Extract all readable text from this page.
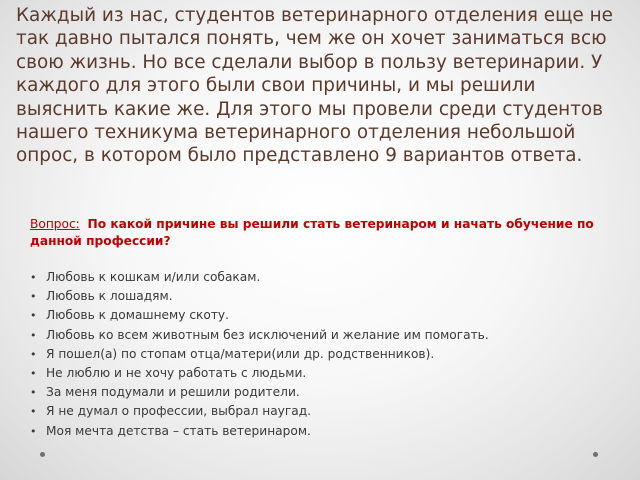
Каждый из нас, студентов ветеринарного отделения еще не так давно пытался понять, чем же он хочет заниматься всю свою жизнь. Но все сделали выбор в пользу ветеринарии. У каждого для этого были свои причины, и мы решили выяснить какие же. Для этого мы провели среди студентов нашего техникума ветеринарного отделения небольшой опрос, в котором было представлено 9 вариантов ответа.

Вопрос: По какой причине вы решили стать ветеринаром и начать обучение по данной профессии?

• Любовь к кошкам и/или собакам.
• Любовь к лошадям.
• Любовь к домашнему скоту.
• Любовь ко всем животным без исключений и желание им помогать.
• Я пошел(а) по стопам отца/матери(или др. родственников).
• Не люблю и не хочу работать с людьми.
• За меня подумали и решили родители.
• Я не думал о профессии, выбрал наугад.
• Моя мечта детства – стать ветеринаром.
